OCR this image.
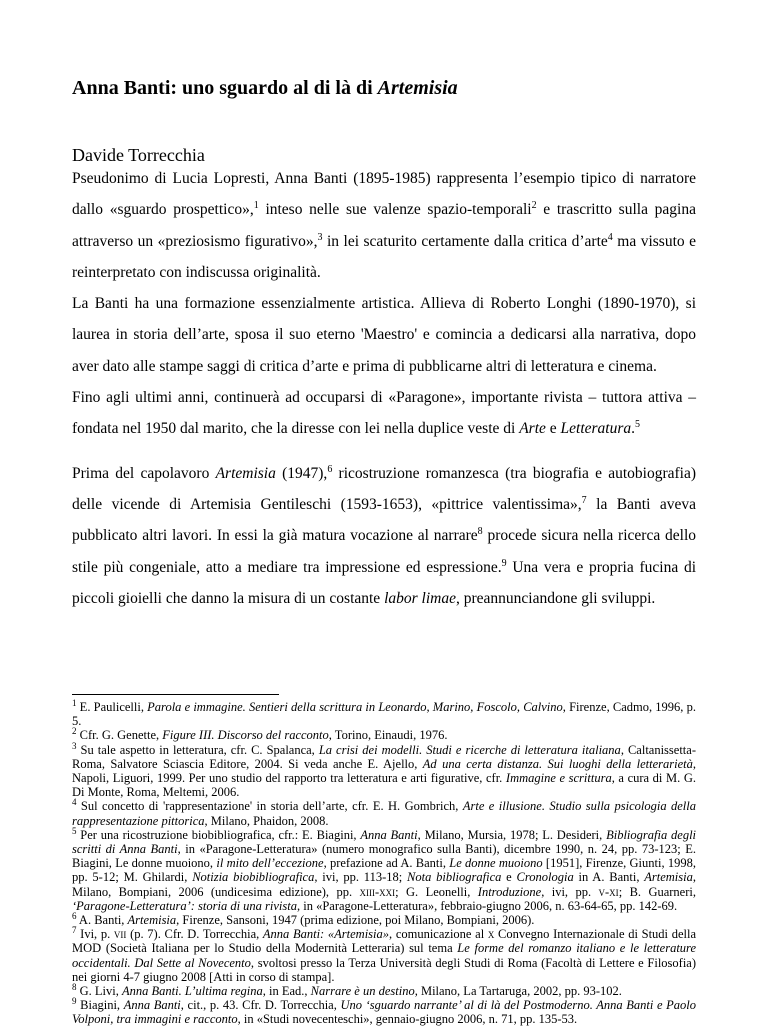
Anna Banti: uno sguardo al di là di Artemisia
Davide Torrecchia

Pseudonimo di Lucia Lopresti, Anna Banti (1895-1985) rappresenta l’esempio tipico di narratore dallo «sguardo prospettico»,$^1$ inteso nelle sue valenze spazio-temporali$^2$ e trascritto sulla pagina attraverso un «preziosismo figurativo»,$^3$ in lei scaturito certamente dalla critica d’arte$^4$ ma vissuto e reinterpretato con indiscussa originalità.

La Banti ha una formazione essenzialmente artistica. Allieva di Roberto Longhi (1890-1970), si laurea in storia dell’arte, sposa il suo eterno 'Maestro' e comincia a dedicarsi alla narrativa, dopo aver dato alle stampe saggi di critica d’arte e prima di pubblicarne altri di letteratura e cinema.

Fino agli ultimi anni, continuerà ad occuparsi di «Paragone», importante rivista – tuttora attiva – fondata nel 1950 dal marito, che la diresse con lei nella duplice veste di Arte e Letteratura.$^5$

Prima del capolavoro Artemisia (1947),$^6$ ricostruzione romanzesca (tra biografia e autobiografia) delle vicende di Artemisia Gentileschi (1593-1653), «pittrice valentissima»,$^7$ la Banti aveva pubblicato altri lavori. In essi la già matura vocazione al narrare$^8$ procede sicura nella ricerca dello stile più congeniale, atto a mediare tra impressione ed espressione.$^9$ Una vera e propria fucina di piccoli gioielli che danno la misura di un costante labor limae, preannunciandone gli sviluppi.

$^1$ E. Paulicelli, Parola e immagine. Sentieri della scrittura in Leonardo, Marino, Foscolo, Calvino, Firenze, Cadmo, 1996, p. 5.

$^2$ Cfr. G. Genette, Figure III. Discorso del racconto, Torino, Einaudi, 1976.

$^3$ Su tale aspetto in letteratura, cfr. C. Spalanca, La crisi dei modelli. Studi e ricerche di letteratura italiana, Caltanissetta-Roma, Salvatore Sciascia Editore, 2004. Si veda anche E. Ajello, Ad una certa distanza. Sui luoghi della letterarietà, Napoli, Liguori, 1999. Per uno studio del rapporto tra letteratura e arti figurative, cfr. Immagine e scrittura, a cura di M. G. Di Monte, Roma, Meltemi, 2006.

$^4$ Sul concetto di 'rappresentazione' in storia dell’arte, cfr. E. H. Gombrich, Arte e illusione. Studio sulla psicologia della rappresentazione pittorica, Milano, Phaidon, 2008.

$^5$ Per una ricostruzione biobibliografica, cfr.: E. Biagini, Anna Banti, Milano, Mursia, 1978; L. Desideri, Bibliografia degli scritti di Anna Banti, in «Paragone-Letteratura» (numero monografico sulla Banti), dicembre 1990, n. 24, pp. 73-123; E. Biagini, Le donne muoiono, il mito dell’eccezione, prefazione ad A. Banti, Le donne muoiono [1951], Firenze, Giunti, 1998, pp. 5-12; M. Ghilardi, Notizia biobibliografica, ivi, pp. 113-18; Nota bibliografica e Cronologia in A. Banti, Artemisia, Milano, Bompiani, 2006 (undicesima edizione), pp. xiii-xxi; G. Leonelli, Introduzione, ivi, pp. v-xi; B. Guarneri, ‘Paragone-Letteratura’: storia di una rivista, in «Paragone-Letteratura», febbraio-giugno 2006, n. 63-64-65, pp. 142-69.

$^6$ A. Banti, Artemisia, Firenze, Sansoni, 1947 (prima edizione, poi Milano, Bompiani, 2006).

$^7$ Ivi, p. vii (p. 7). Cfr. D. Torrecchia, Anna Banti: «Artemisia», comunicazione al x Convegno Internazionale di Studi della MOD (Società Italiana per lo Studio della Modernità Letteraria) sul tema Le forme del romanzo italiano e le letterature occidentali. Dal Sette al Novecento, svoltosi presso la Terza Università degli Studi di Roma (Facoltà di Lettere e Filosofia) nei giorni 4-7 giugno 2008 [Atti in corso di stampa].

$^8$ G. Livi, Anna Banti. L’ultima regina, in Ead., Narrare è un destino, Milano, La Tartaruga, 2002, pp. 93-102.

$^9$ Biagini, Anna Banti, cit., p. 43. Cfr. D. Torrecchia, Uno ‘sguardo narrante’ al di là del Postmoderno. Anna Banti e Paolo Volponi, tra immagini e racconto, in «Studi novecenteschi», gennaio-giugno 2006, n. 71, pp. 135-53.
